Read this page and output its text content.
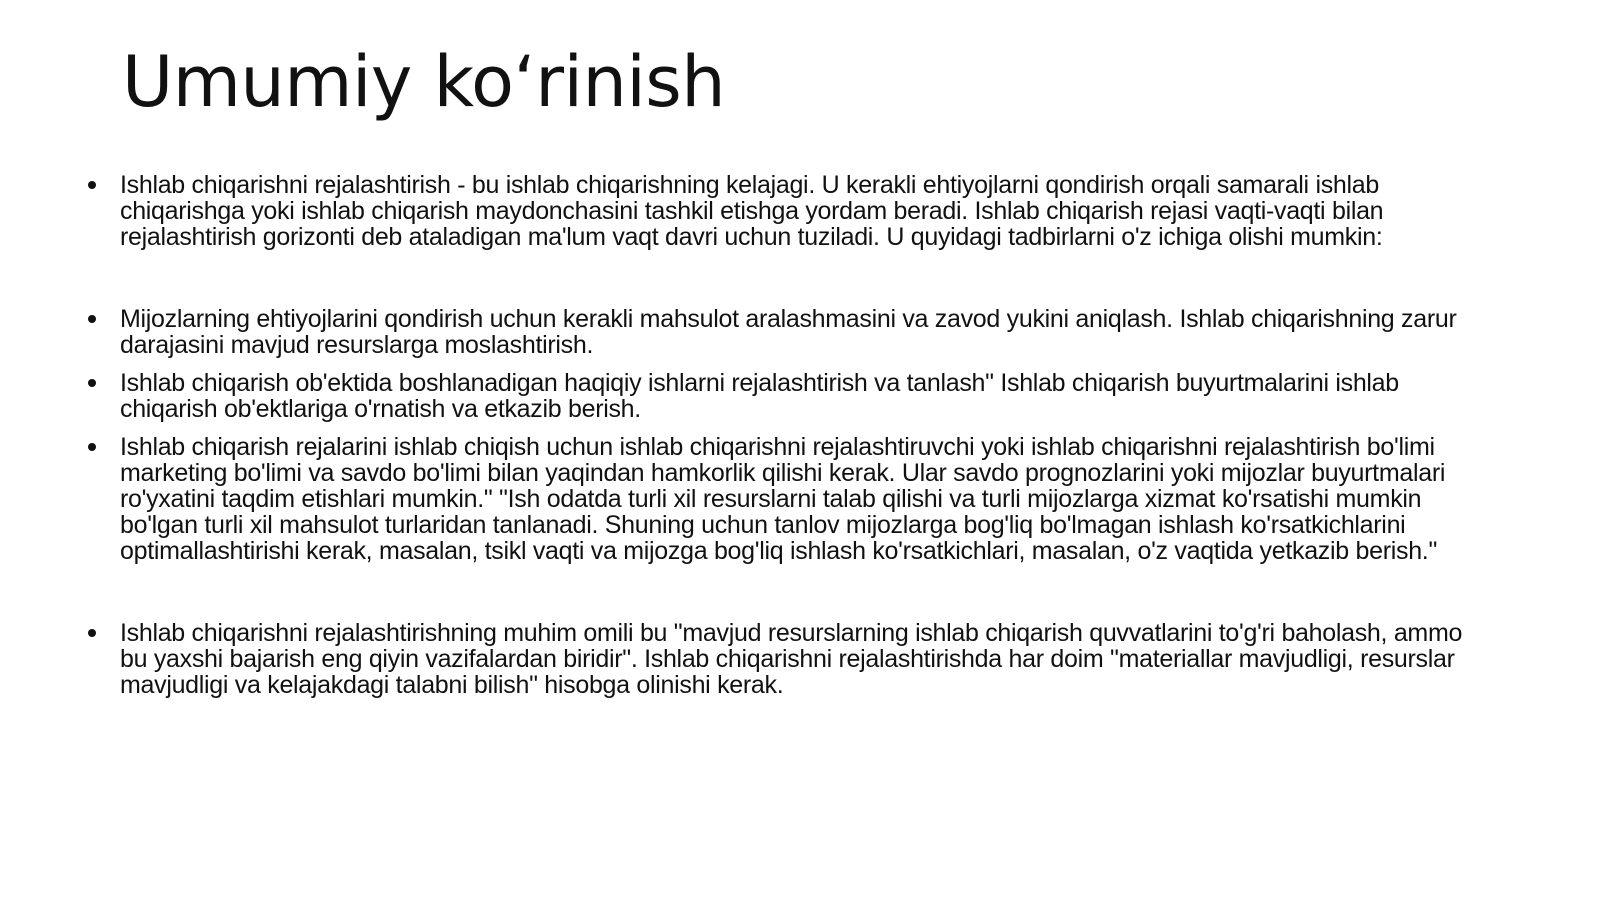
Umumiy ko‘rinish
Ishlab chiqarishni rejalashtirish - bu ishlab chiqarishning kelajagi. U kerakli ehtiyojlarni qondirish orqali samarali ishlab chiqarishga yoki ishlab chiqarish maydonchasini tashkil etishga yordam beradi. Ishlab chiqarish rejasi vaqti-vaqti bilan rejalashtirish gorizonti deb ataladigan ma'lum vaqt davri uchun tuziladi. U quyidagi tadbirlarni o'z ichiga olishi mumkin:
Mijozlarning ehtiyojlarini qondirish uchun kerakli mahsulot aralashmasini va zavod yukini aniqlash. Ishlab chiqarishning zarur darajasini mavjud resurslarga moslashtirish.
Ishlab chiqarish ob'ektida boshlanadigan haqiqiy ishlarni rejalashtirish va tanlash" Ishlab chiqarish buyurtmalarini ishlab chiqarish ob'ektlariga o'rnatish va etkazib berish.
Ishlab chiqarish rejalarini ishlab chiqish uchun ishlab chiqarishni rejalashtiruvchi yoki ishlab chiqarishni rejalashtirish bo'limi marketing bo'limi va savdo bo'limi bilan yaqindan hamkorlik qilishi kerak. Ular savdo prognozlarini yoki mijozlar buyurtmalari ro'yxatini taqdim etishlari mumkin." "Ish odatda turli xil resurslarni talab qilishi va turli mijozlarga xizmat ko'rsatishi mumkin bo'lgan turli xil mahsulot turlaridan tanlanadi. Shuning uchun tanlov mijozlarga bog'liq bo'lmagan ishlash ko'rsatkichlarini optimallashtirishi kerak, masalan, tsikl vaqti va mijozga bog'liq ishlash ko'rsatkichlari, masalan, o'z vaqtida yetkazib berish."
Ishlab chiqarishni rejalashtirishning muhim omili bu "mavjud resurslarning ishlab chiqarish quvvatlarini to'g'ri baholash, ammo bu yaxshi bajarish eng qiyin vazifalardan biridir". Ishlab chiqarishni rejalashtirishda har doim "materiallar mavjudligi, resurslar mavjudligi va kelajakdagi talabni bilish" hisobga olinishi kerak.
